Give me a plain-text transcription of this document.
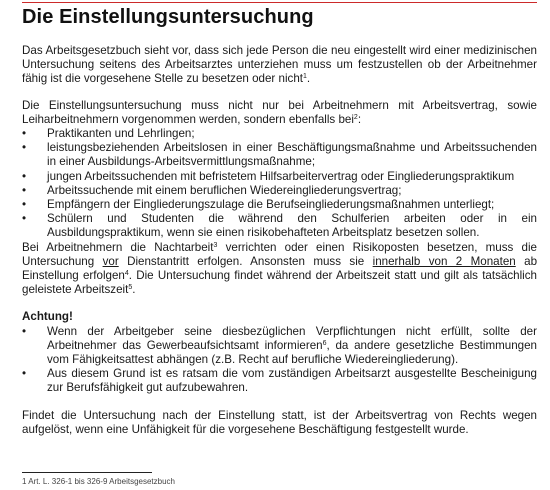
Die Einstellungsuntersuchung

Das Arbeitsgesetzbuch sieht vor, dass sich jede Person die neu eingestellt wird einer medizinischen Untersuchung seitens des Arbeitsarztes unterziehen muss um festzustellen ob der Arbeitnehmer fähig ist die vorgesehene Stelle zu besetzen oder nicht$^1$.

Die Einstellungsuntersuchung muss nicht nur bei Arbeitnehmern mit Arbeitsvertrag, sowie Leiharbeitnehmern vorgenommen werden, sondern ebenfalls bei$^2$:

•	Praktikanten und Lehrlingen;
•	leistungsbeziehenden Arbeitslosen in einer Beschäftigungsmaßnahme und Arbeitssuchenden in einer Ausbildungs-Arbeitsvermittlungsmaßnahme;
•	jungen Arbeitssuchenden mit befristetem Hilfsarbeitervertrag oder Eingliederungspraktikum
•	Arbeitssuchende mit einem beruflichen Wiedereingliederungsvertrag;
•	Empfängern der Eingliederungszulage die Berufseingliederungsmaßnahmen unterliegt;
•	Schülern und Studenten die während den Schulferien arbeiten oder in ein Ausbildungspraktikum, wenn sie einen risikobehafteten Arbeitsplatz besetzen sollen.

Bei Arbeitnehmern die Nachtarbeit$^3$ verrichten oder einen Risikoposten besetzen, muss die Untersuchung vor Dienstantritt erfolgen. Ansonsten muss sie innerhalb von 2 Monaten ab Einstellung erfolgen$^4$. Die Untersuchung findet während der Arbeitszeit statt und gilt als tatsächlich geleistete Arbeitszeit$^5$.

Achtung!

•	Wenn der Arbeitgeber seine diesbezüglichen Verpflichtungen nicht erfüllt, sollte der Arbeitnehmer das Gewerbeaufsichtsamt informieren$^6$, da andere gesetzliche Bestimmungen vom Fähigkeitsattest abhängen (z.B. Recht auf berufliche Wiedereingliederung).
•	Aus diesem Grund ist es ratsam die vom zuständigen Arbeitsarzt ausgestellte Bescheinigung zur Berufsfähigkeit gut aufzubewahren.

Findet die Untersuchung nach der Einstellung statt, ist der Arbeitsvertrag von Rechts wegen aufgelöst, wenn eine Unfähigkeit für die vorgesehene Beschäftigung festgestellt wurde.

1 Art. L. 326-1 bis 326-9 Arbeitsgesetzbuch
